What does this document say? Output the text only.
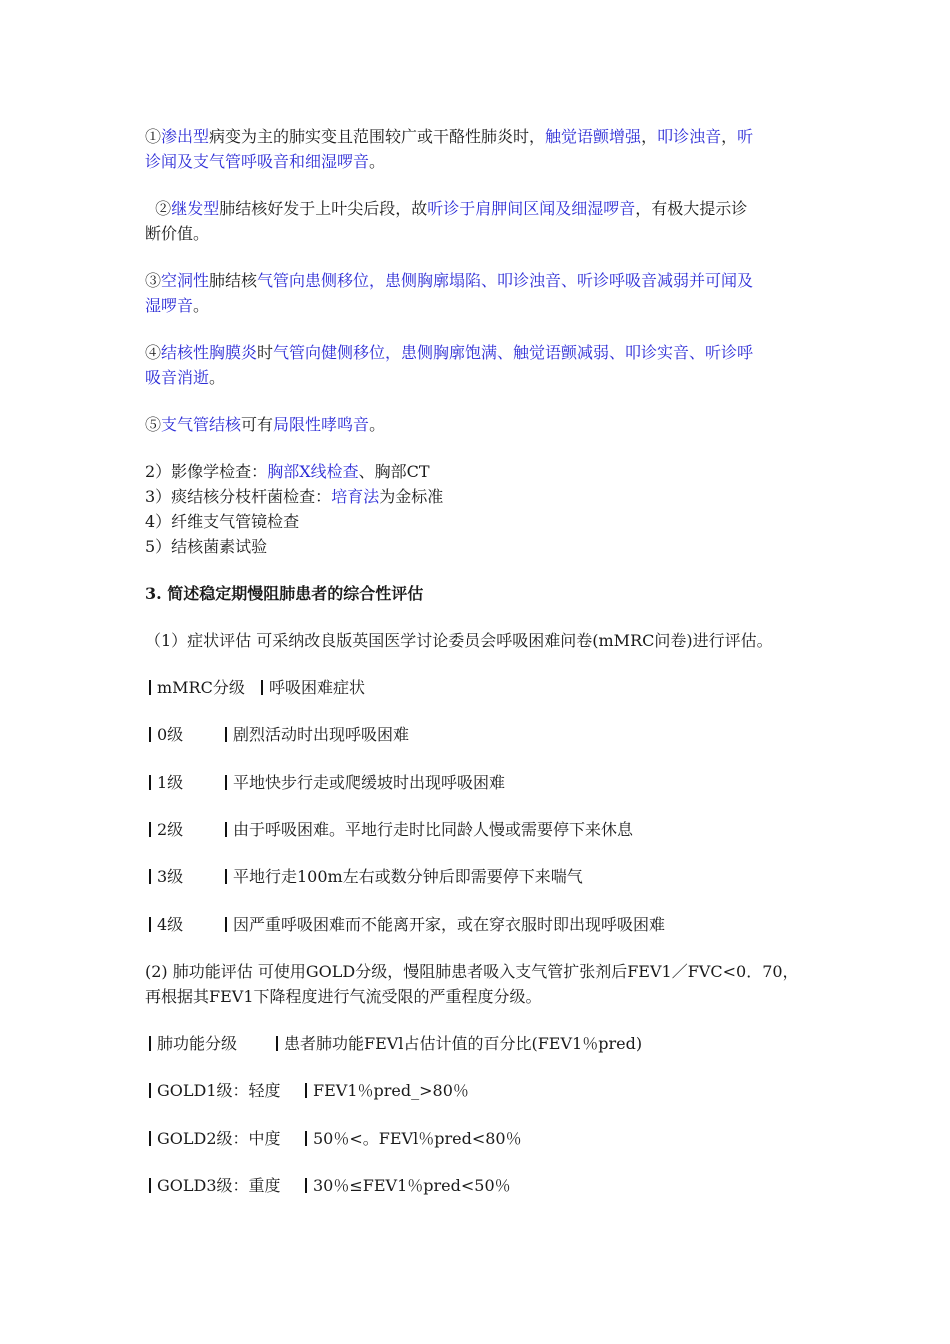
①渗出型病变为主的肺实变且范围较广或干酪性肺炎时，触觉语颤增强，叩诊浊音，听
诊闻及支气管呼吸音和细湿啰音。
②继发型肺结核好发于上叶尖后段，故听诊于肩胛间区闻及细湿啰音，有极大提示诊
断价值。
③空洞性肺结核气管向患侧移位，患侧胸廓塌陷、叩诊浊音、听诊呼吸音减弱并可闻及
湿啰音。
④结核性胸膜炎时气管向健侧移位，患侧胸廓饱满、触觉语颤减弱、叩诊实音、听诊呼
吸音消逝。
⑤支气管结核可有局限性哮鸣音。
2）影像学检查：胸部X线检查、胸部CT
3）痰结核分枝杆菌检查：培育法为金标准
4）纤维支气管镜检查
5）结核菌素试验
3. 简述稳定期慢阻肺患者的综合性评估
（1）症状评估 可采纳改良版英国医学讨论委员会呼吸困难问卷(mMRC问卷)进行评估。
mMRC分级	呼吸困难症状
0级	剧烈活动时出现呼吸困难
1级	平地快步行走或爬缓坡时出现呼吸困难
2级	由于呼吸困难。平地行走时比同龄人慢或需要停下来休息
3级	平地行走100m左右或数分钟后即需要停下来喘气
4级	因严重呼吸困难而不能离开家，或在穿衣服时即出现呼吸困难
(2) 肺功能评估 可使用GOLD分级，慢阻肺患者吸入支气管扩张剂后FEV1／FVC<0．70，
再根据其FEV1下降程度进行气流受限的严重程度分级。
肺功能分级	患者肺功能FEVl占估计值的百分比(FEV1％pred)
GOLD1级：轻度	FEV1％pred_>80％
GOLD2级：中度	50％<。FEVl％pred<80％
GOLD3级：重度	30％≤FEV1％pred<50％
